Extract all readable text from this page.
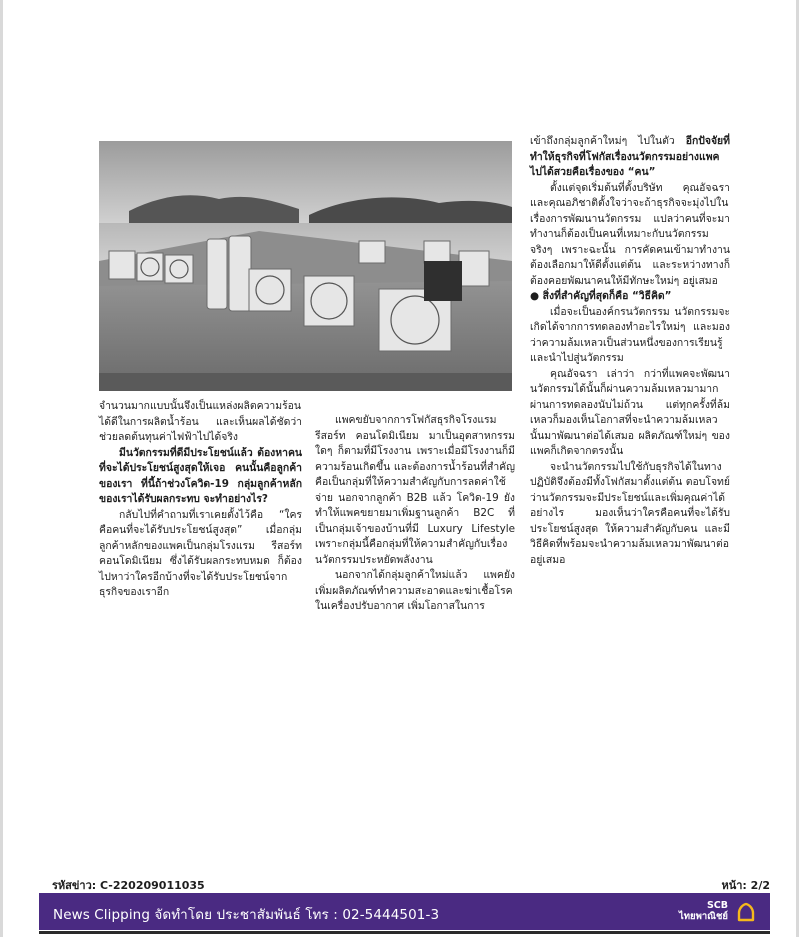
จำนวนมากแบบนั้นจึงเป็นแหล่งผลิตความร้อนได้ดีในการผลิตน้ำร้อน และเห็นผลได้ชัดว่าช่วยลดต้นทุนค่าไฟฟ้าไปได้จริง

มีนวัตกรรมที่ดีมีประโยชน์แล้ว ต้องหาคนที่จะได้ประโยชน์สูงสุดให้เจอ คนนั้นคือลูกค้าของเรา ที่นี้ถ้าช่วงโควิด-19 กลุ่มลูกค้าหลักของเราได้รับผลกระทบ จะทำอย่างไร?

กลับไปที่คำถามที่เราเคยตั้งไว้คือ “ใครคือคนที่จะได้รับประโยชน์สูงสุด” เมื่อกลุ่มลูกค้าหลักของแพคเป็นกลุ่มโรงแรม รีสอร์ท คอนโดมิเนียม ซึ่งได้รับผลกระทบหมด ก็ต้องไปหาว่าใครอีกบ้างที่จะได้รับประโยชน์จากธุรกิจของเราอีก

แพคขยับจากการโฟกัสธุรกิจโรงแรม รีสอร์ท คอนโดมิเนียม มาเป็นอุตสาหกรรมใดๆ ก็ตามที่มีโรงงาน เพราะเมื่อมีโรงงานก็มีความร้อนเกิดขึ้น และต้องการน้ำร้อนที่สำคัญคือเป็นกลุ่มที่ให้ความสำคัญกับการลดค่าใช้จ่าย นอกจากลูกค้า B2B แล้ว โควิด-19 ยังทำให้แพคขยายมาเพิ่มฐานลูกค้า B2C ที่เป็นกลุ่มเจ้าของบ้านที่มี Luxury Lifestyle เพราะกลุ่มนี้คือกลุ่มที่ให้ความสำคัญกับเรื่องนวัตกรรมประหยัดพลังงาน

นอกจากได้กลุ่มลูกค้าใหม่แล้ว แพคยังเพิ่มผลิตภัณฑ์ทำความสะอาดและฆ่าเชื้อโรคในเครื่องปรับอากาศ เพิ่มโอกาสในการ

เข้าถึงกลุ่มลูกค้าใหม่ๆ ไปในตัว อีกปัจจัยที่ทำให้ธุรกิจที่โฟกัสเรื่องนวัตกรรมอย่างแพคไปได้สวยคือเรื่องของ “คน”

ตั้งแต่จุดเริ่มต้นที่ตั้งบริษัท คุณอัจฉรา และคุณอภิชาติตั้งใจว่าจะถ้าธุรกิจจะมุ่งไปในเรื่องการพัฒนานวัตกรรม แปลว่าคนที่จะมาทำงานก็ต้องเป็นคนที่เหมาะกับนวัตกรรมจริงๆ เพราะฉะนั้น การคัดคนเข้ามาทำงานต้องเลือกมาให้ดีตั้งแต่ต้น และระหว่างทางก็ต้องคอยพัฒนาคนให้มีทักษะใหม่ๆ อยู่เสมอ

● สิ่งที่สำคัญที่สุดก็คือ “วิธีคิด”

เมื่อจะเป็นองค์กรนวัตกรรม นวัตกรรมจะเกิดได้จากการทดลองทำอะไรใหม่ๆ และมองว่าความล้มเหลวเป็นส่วนหนึ่งของการเรียนรู้และนำไปสู่นวัตกรรม

คุณอัจฉรา เล่าว่า กว่าที่แพคจะพัฒนานวัตกรรมได้นั้นก็ผ่านความล้มเหลวมามากผ่านการทดลองนับไม่ถ้วน แต่ทุกครั้งที่ล้มเหลวก็มองเห็นโอกาสที่จะนำความล้มเหลวนั้นมาพัฒนาต่อได้เสมอ ผลิตภัณฑ์ใหม่ๆ ของแพคก็เกิดจากตรงนั้น

จะนำนวัตกรรมไปใช้กับธุรกิจได้ในทางปฏิบัติจึงต้องมีทั้งโฟกัสมาตั้งแต่ต้น ตอบโจทย์ว่านวัตกรรมจะมีประโยชน์และเพิ่มคุณค่าได้อย่างไร มองเห็นว่าใครคือคนที่จะได้รับประโยชน์สูงสุด ให้ความสำคัญกับคน และมีวิธีคิดที่พร้อมจะนำความล้มเหลวมาพัฒนาต่ออยู่เสมอ

รหัสข่าว: C-220209011035	หน้า: 2/2
News Clipping จัดทำโดย ประชาสัมพันธ์ โทร : 02-5444501-3
SCB
ไทยพาณิชย์
